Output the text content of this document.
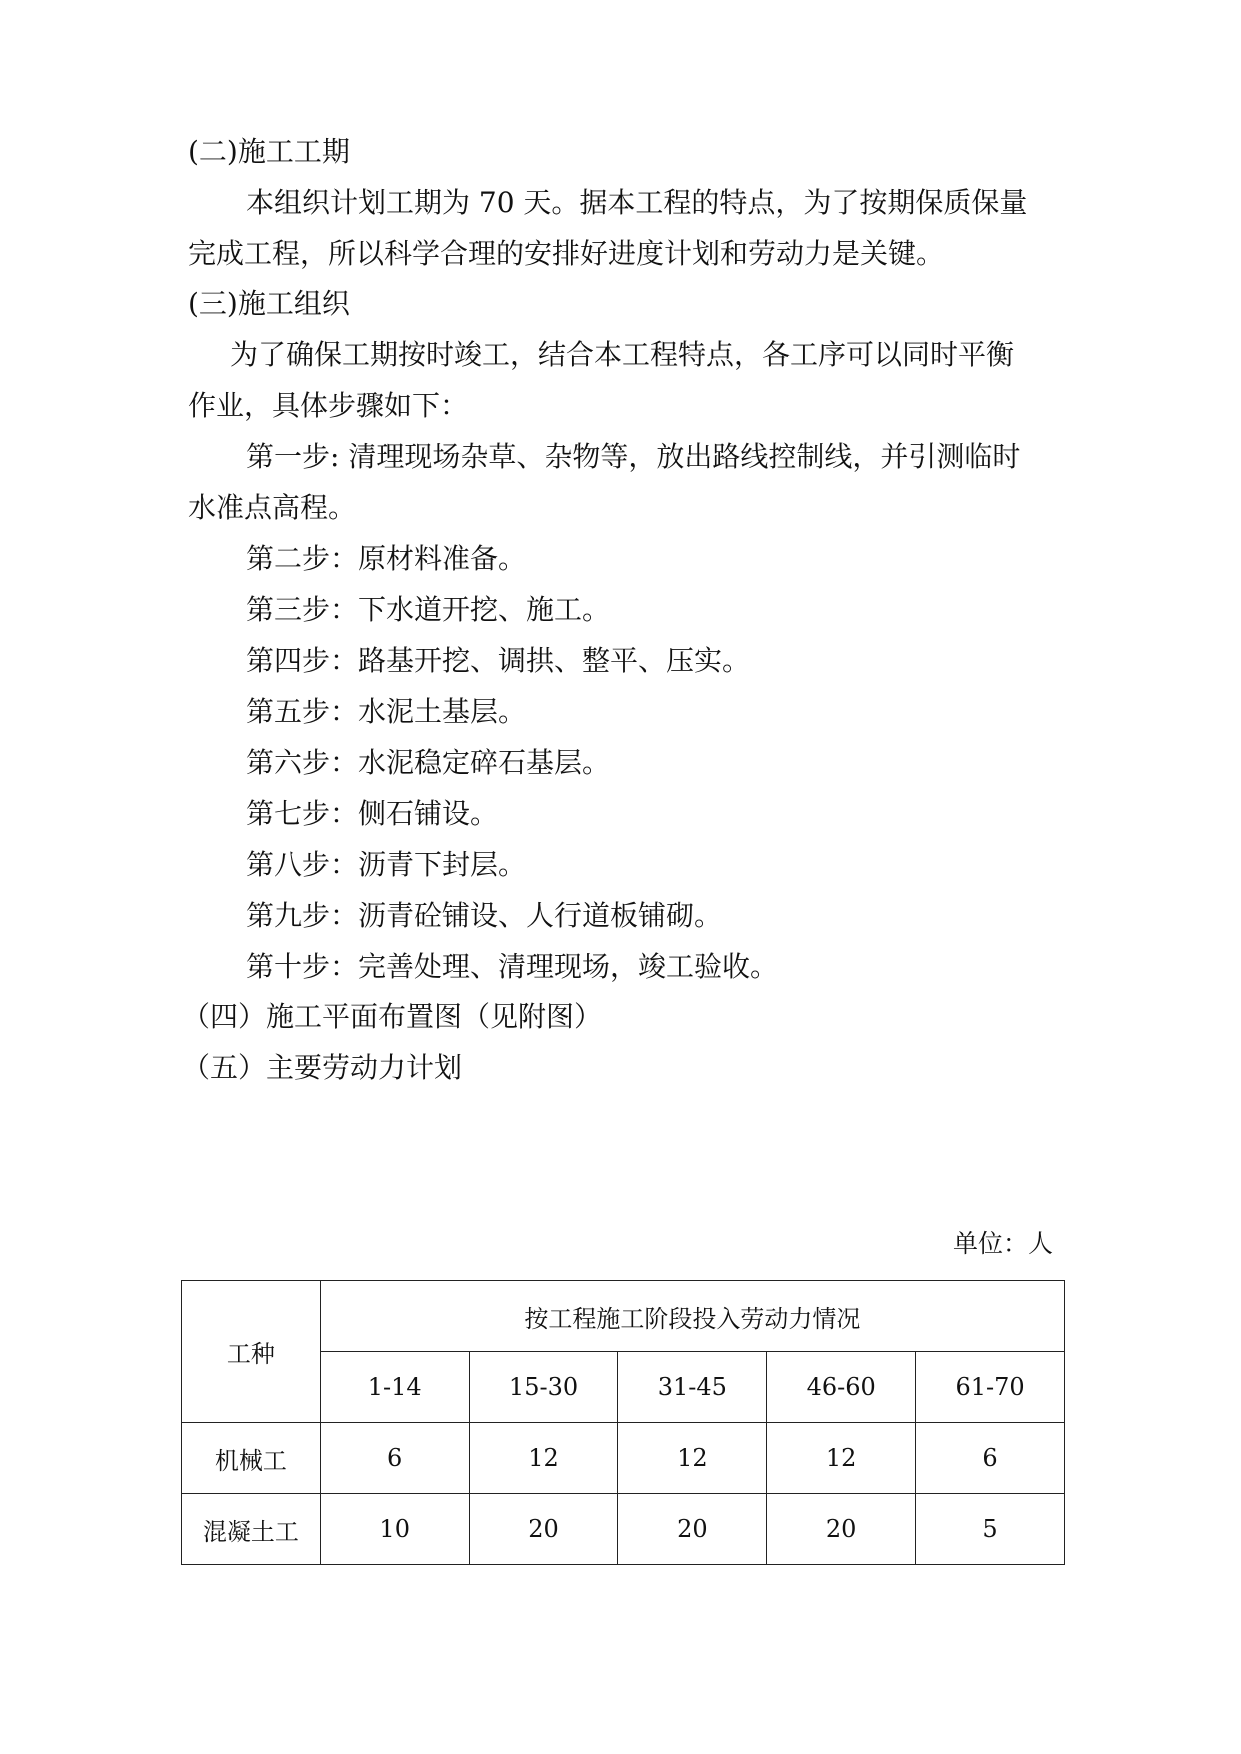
(二)施工工期
本组织计划工期为 70 天。据本工程的特点，为了按期保质保量
完成工程，所以科学合理的安排好进度计划和劳动力是关键。
(三)施工组织
为了确保工期按时竣工，结合本工程特点，各工序可以同时平衡
作业，具体步骤如下：
第一步: 清理现场杂草、杂物等，放出路线控制线，并引测临时
水准点高程。
第二步：原材料准备。
第三步：下水道开挖、施工。
第四步：路基开挖、调拱、整平、压实。
第五步：水泥土基层。
第六步：水泥稳定碎石基层。
第七步：侧石铺设。
第八步：沥青下封层。
第九步：沥青砼铺设、人行道板铺砌。
第十步：完善处理、清理现场，竣工验收。
（四）施工平面布置图（见附图）
（五）主要劳动力计划
单位：人
工种	按工程施工阶段投入劳动力情况				
	1-14	15-30	31-45	46-60	61-70
机械工	6	12	12	12	6
混凝土工	10	20	20	20	5
